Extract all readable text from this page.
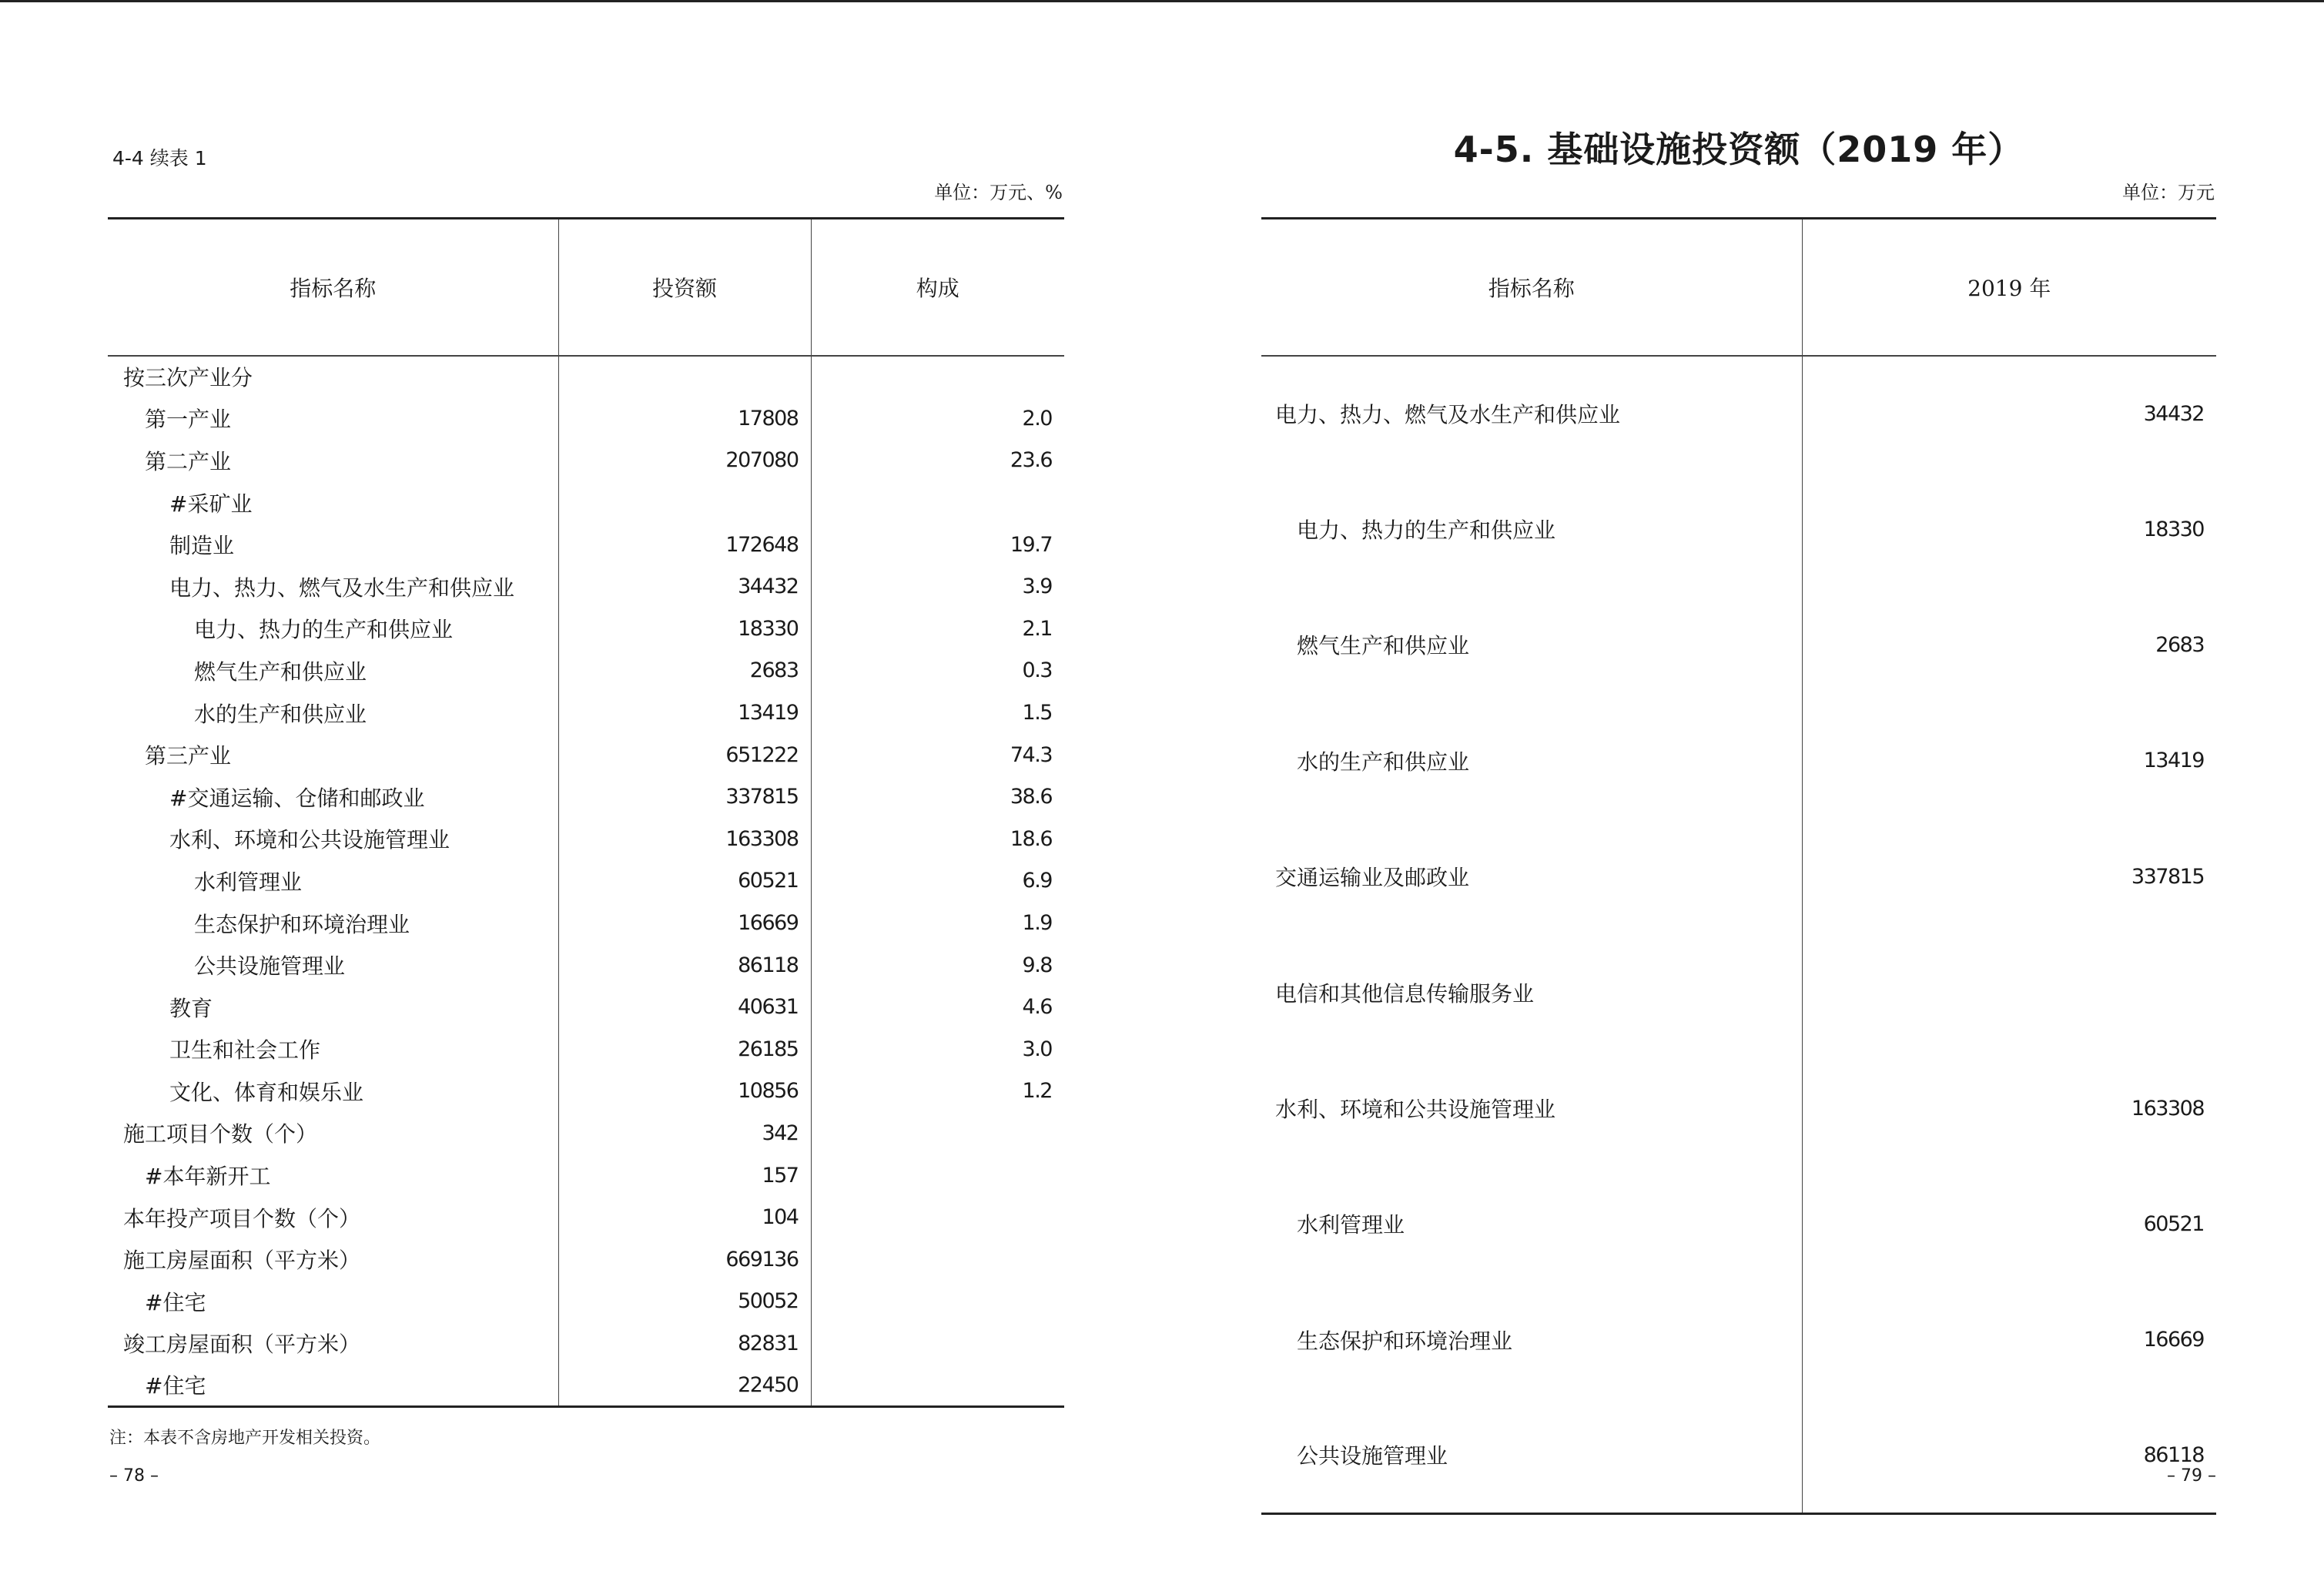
4-4 续表 1
单位：万元、%
指标名称	投资额	构成
按三次产业分		
第一产业	17808	2.0
第二产业	207080	23.6
#采矿业		
制造业	172648	19.7
电力、热力、燃气及水生产和供应业	34432	3.9
电力、热力的生产和供应业	18330	2.1
燃气生产和供应业	2683	0.3
水的生产和供应业	13419	1.5
第三产业	651222	74.3
#交通运输、仓储和邮政业	337815	38.6
水利、环境和公共设施管理业	163308	18.6
水利管理业	60521	6.9
生态保护和环境治理业	16669	1.9
公共设施管理业	86118	9.8
教育	40631	4.6
卫生和社会工作	26185	3.0
文化、体育和娱乐业	10856	1.2
施工项目个数（个）	342	
#本年新开工	157	
本年投产项目个数（个）	104	
施工房屋面积（平方米）	669136	
#住宅	50052	
竣工房屋面积（平方米）	82831	
#住宅	22450	
注：本表不含房地产开发相关投资。
– 78 –
4-5. 基础设施投资额（2019 年）
单位：万元
指标名称	2019 年
电力、热力、燃气及水生产和供应业	34432
电力、热力的生产和供应业	18330
燃气生产和供应业	2683
水的生产和供应业	13419
交通运输业及邮政业	337815
电信和其他信息传输服务业	
水利、环境和公共设施管理业	163308
水利管理业	60521
生态保护和环境治理业	16669
公共设施管理业	86118
– 79 –
